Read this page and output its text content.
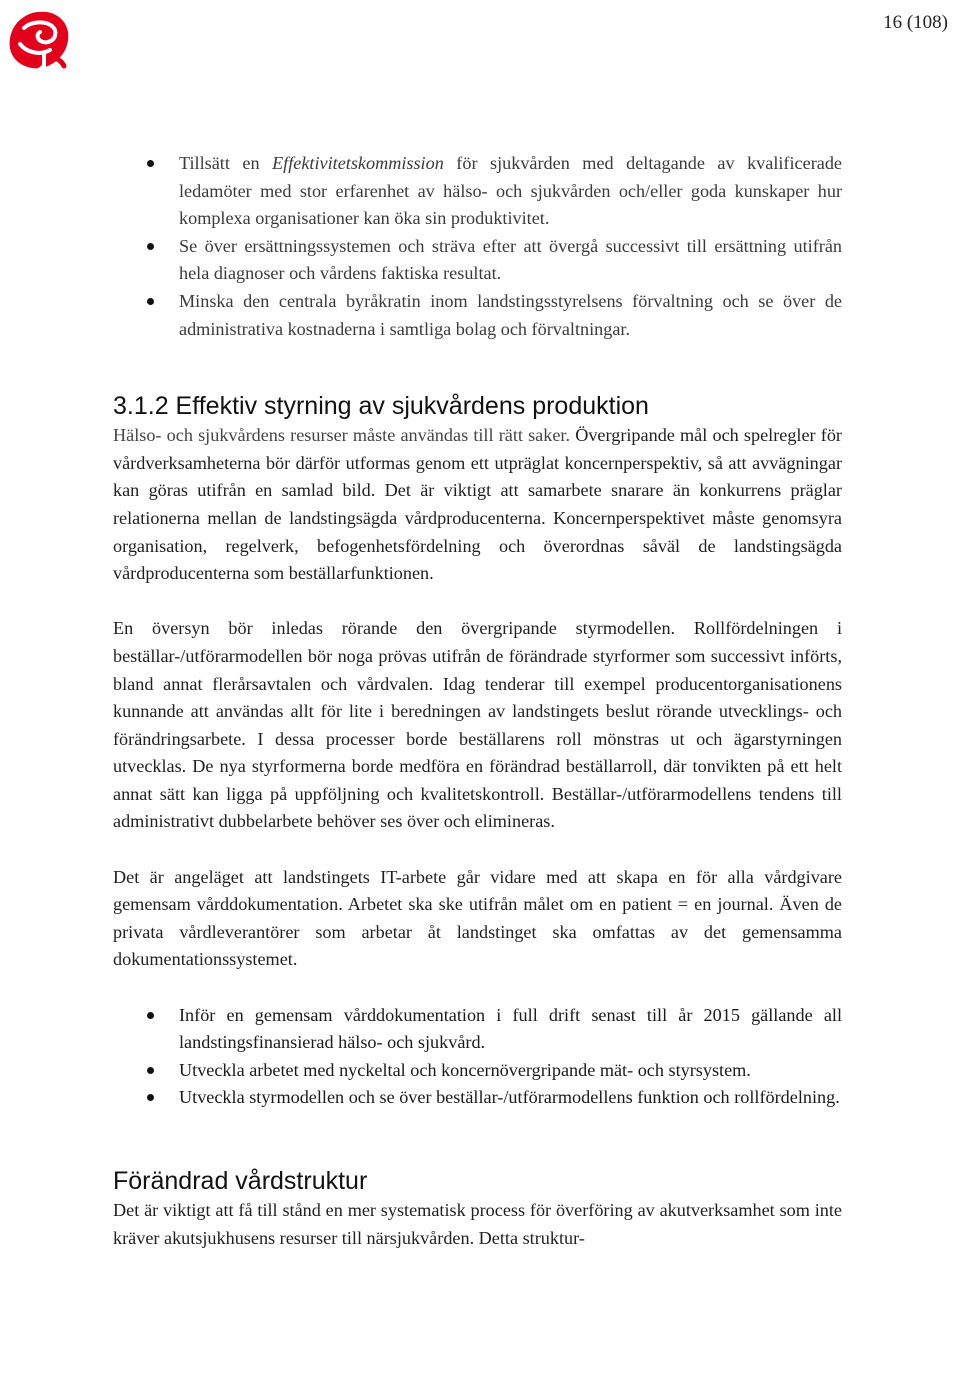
16 (108)
Tillsätt en Effektivitetskommission för sjukvården med deltagande av kvalificerade ledamöter med stor erfarenhet av hälso- och sjukvården och/eller goda kunskaper hur komplexa organisationer kan öka sin produktivitet.
Se över ersättningssystemen och sträva efter att övergå successivt till ersättning utifrån hela diagnoser och vårdens faktiska resultat.
Minska den centrala byråkratin inom landstingsstyrelsens förvaltning och se över de administrativa kostnaderna i samtliga bolag och förvaltningar.
3.1.2 Effektiv styrning av sjukvårdens produktion

Hälso- och sjukvårdens resurser måste användas till rätt saker. Övergripande mål och spelregler för vårdverksamheterna bör därför utformas genom ett utpräglat koncernperspektiv, så att avvägningar kan göras utifrån en samlad bild. Det är viktigt att samarbete snarare än konkurrens präglar relationerna mellan de landstingsägda vårdproducenterna. Koncernperspektivet måste genomsyra organisation, regelverk, befogenhetsfördelning och överordnas såväl de landstingsägda vårdproducenterna som beställarfunktionen.

En översyn bör inledas rörande den övergripande styrmodellen. Rollfördelningen i beställar-/utförarmodellen bör noga prövas utifrån de förändrade styrformer som successivt införts, bland annat flerårsavtalen och vårdvalen. Idag tenderar till exempel producentorganisationens kunnande att användas allt för lite i beredningen av landstingets beslut rörande utvecklings- och förändringsarbete. I dessa processer borde beställarens roll mönstras ut och ägarstyrningen utvecklas. De nya styrformerna borde medföra en förändrad beställarroll, där tonvikten på ett helt annat sätt kan ligga på uppföljning och kvalitetskontroll. Beställar-/utförarmodellens tendens till administrativt dubbelarbete behöver ses över och elimineras.

Det är angeläget att landstingets IT-arbete går vidare med att skapa en för alla vårdgivare gemensam vårddokumentation. Arbetet ska ske utifrån målet om en patient = en journal. Även de privata vårdleverantörer som arbetar åt landstinget ska omfattas av det gemensamma dokumentationssystemet.

Inför en gemensam vårddokumentation i full drift senast till år 2015 gällande all landstingsfinansierad hälso- och sjukvård.
Utveckla arbetet med nyckeltal och koncernövergripande mät- och styrsystem.
Utveckla styrmodellen och se över beställar-/utförarmodellens funktion och rollfördelning.
Förändrad vårdstruktur

Det är viktigt att få till stånd en mer systematisk process för överföring av akutverksamhet som inte kräver akutsjukhusens resurser till närsjukvården. Detta struktur-
